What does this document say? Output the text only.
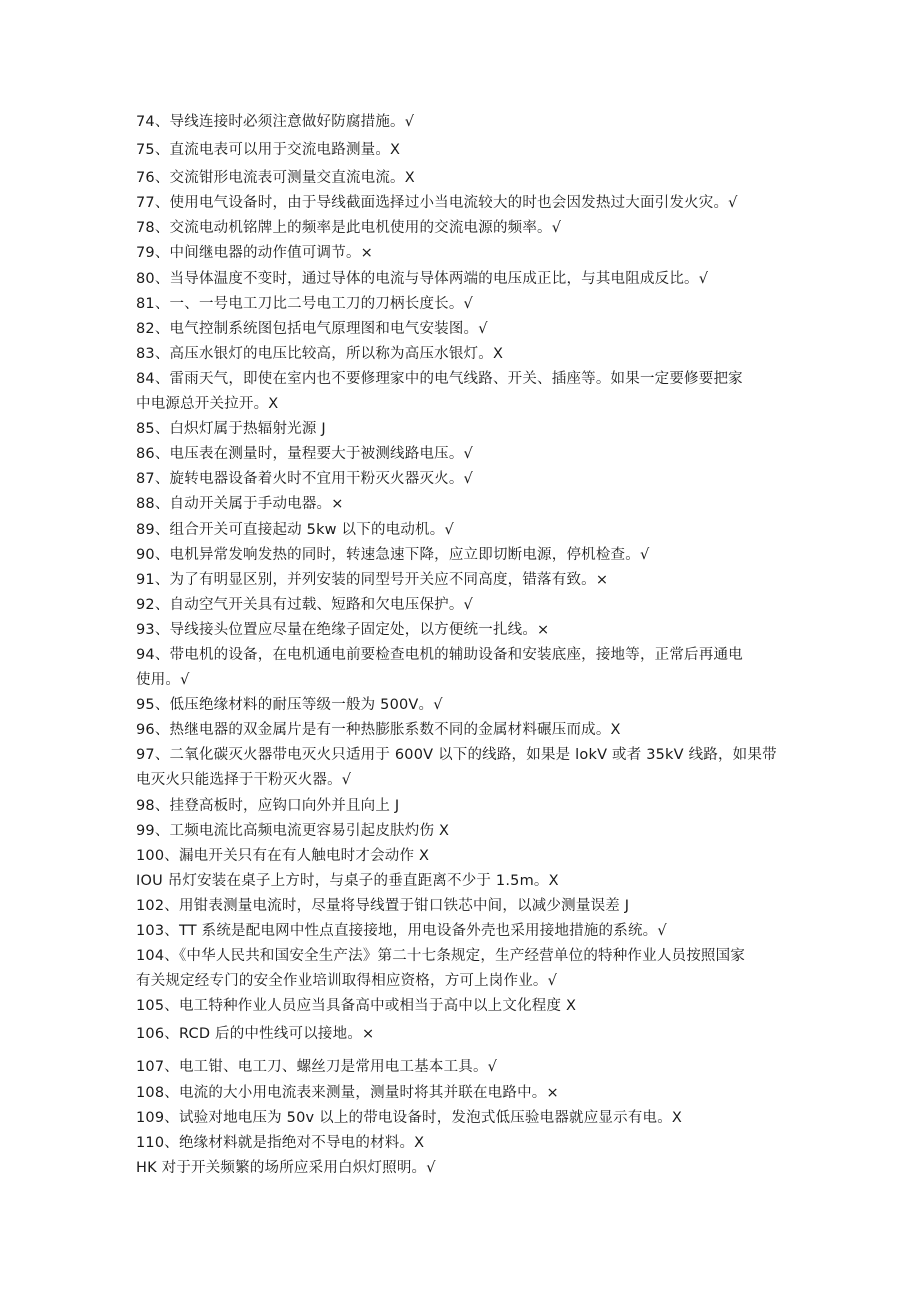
74、导线连接时必须注意做好防腐措施。√
75、直流电表可以用于交流电路测量。X
76、交流钳形电流表可测量交直流电流。X
77、使用电气设备时，由于导线截面选择过小当电流较大的时也会因发热过大面引发火灾。√
78、交流电动机铭牌上的频率是此电机使用的交流电源的频率。√
79、中间继电器的动作值可调节。×
80、当导体温度不变时，通过导体的电流与导体两端的电压成正比，与其电阻成反比。√
81、一、一号电工刀比二号电工刀的刀柄长度长。√
82、电气控制系统图包括电气原理图和电气安装图。√
83、高压水银灯的电压比较高，所以称为高压水银灯。X
84、雷雨天气，即使在室内也不要修理家中的电气线路、开关、插座等。如果一定要修要把家
中电源总开关拉开。X
85、白炽灯属于热辐射光源 J
86、电压表在测量时，量程要大于被测线路电压。√
87、旋转电器设备着火时不宜用干粉灭火器灭火。√
88、自动开关属于手动电器。×
89、组合开关可直接起动 5kw 以下的电动机。√
90、电机异常发响发热的同时，转速急速下降，应立即切断电源，停机检查。√
91、为了有明显区别，并列安装的同型号开关应不同高度，错落有致。×
92、自动空气开关具有过载、短路和欠电压保护。√
93、导线接头位置应尽量在绝缘子固定处，以方便统一扎线。×
94、带电机的设备，在电机通电前要检查电机的辅助设备和安装底座，接地等，正常后再通电
使用。√
95、低压绝缘材料的耐压等级一般为 500V。√
96、热继电器的双金属片是有一种热膨胀系数不同的金属材料碾压而成。X
97、二氧化碳灭火器带电灭火只适用于 600V 以下的线路，如果是 lokV 或者 35kV 线路，如果带
电灭火只能选择于干粉灭火器。√
98、挂登高板时，应钩口向外并且向上 J
99、工频电流比高频电流更容易引起皮肤灼伤 X
100、漏电开关只有在有人触电时才会动作 X
IOU 吊灯安装在桌子上方时，与桌子的垂直距离不少于 1.5m。X
102、用钳表测量电流时，尽量将导线置于钳口铁芯中间，以减少测量误差 J
103、TT 系统是配电网中性点直接接地，用电设备外壳也采用接地措施的系统。√
104、《中华人民共和国安全生产法》第二十七条规定，生产经营单位的特种作业人员按照国家
有关规定经专门的安全作业培训取得相应资格，方可上岗作业。√
105、电工特种作业人员应当具备高中或相当于高中以上文化程度 X
106、RCD 后的中性线可以接地。×
107、电工钳、电工刀、螺丝刀是常用电工基本工具。√
108、电流的大小用电流表来测量，测量时将其并联在电路中。×
109、试验对地电压为 50v 以上的带电设备时，发泡式低压验电器就应显示有电。X
110、绝缘材料就是指绝对不导电的材料。X
HK 对于开关频繁的场所应采用白炽灯照明。√
